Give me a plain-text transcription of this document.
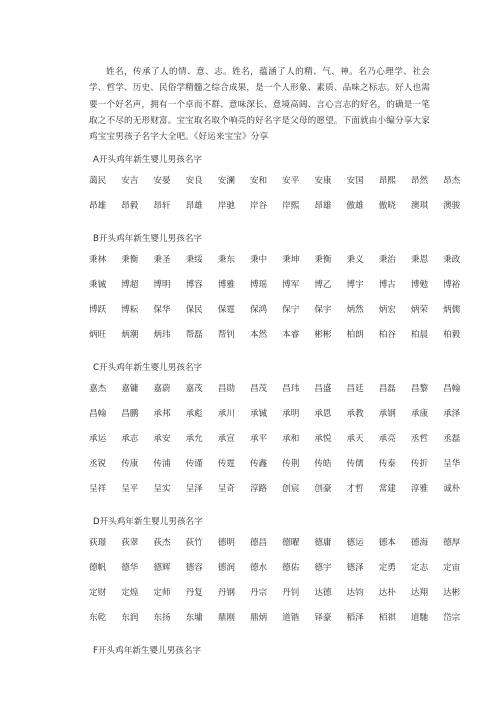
姓名，传承了人的情、意、志。姓名，蕴涵了人的精、气、神。名乃心理学、社会学、哲学、历史、民俗学精髓之综合成果，是一个人形象、素质、品味之标志。好人也需要一个好名声，拥有一个卓而不群、意味深长、意境高阔、言心言志的好名，的确是一笔取之不尽的无形财富。宝宝取名取个响亮的好名字是父母的愿望。下面就由小编分享大家鸡宝宝男孩子名字大全吧。《好运来宝宝》分享

A开头鸡年新生婴儿男孩名字
蔼民	安吉	安晏	安良	安澜	安和	安平	安康	安国	昂熙	昂然	昂杰
昂雄	昂毅	昂轩	昂雄	岸驰	岸谷	岸熙	昂雄	傲雄	傲晓	澳琪	澳骏
B开头鸡年新生婴儿男孩名字
秉林	秉衡	秉圣	秉绥	秉东	秉中	秉坤	秉衡	秉义	秉治	秉恩	秉政
秉铖	博超	博明	博容	博雅	博瑶	博军	博乙	博宇	博古	博勉	博裕
博跃	博耘	保华	保民	保霆	保鸿	保宁	保宇	炳然	炳宏	炳荣	炳儒
炳旺	炳潮	炳玮	帮磊	帮钊	本然	本睿	彬彬	柏朗	柏谷	柏晨	柏毅
C开头鸡年新生婴儿男孩名字
嘉杰	嘉镛	嘉蔚	嘉茂	昌勋	昌茂	昌玮	昌盛	昌廷	昌磊	昌黎	昌翰
昌翰	昌鹏	承邦	承彪	承川	承铖	承明	承恩	承教	承钢	承康	承泽
承运	承志	承安	承允	承宣	承平	承和	承悦	承天	承亮	丞哲	丞磊
丞锐	传康	传浦	传谨	传霆	传鑫	传荆	传皓	传儒	传泰	传折	呈华
呈祥	呈平	呈实	呈泽	呈奇	淳路	创宸	创豪	才哲	常建	淳雅	诚朴
D开头鸡年新生婴儿男孩名字
荻璟	荻翠	荻杰	荻竹	德明	德昌	德曜	德庸	德运	德本	德海	德厚
德帆	德华	德辉	德容	德润	德水	德佑	德宇	德泽	定勇	定志	定宙
定财	定煌	定师	丹复	丹钢	丹宗	丹钊	达德	达钧	达朴	达翔	达彬
东乾	东润	东扬	东墉	鼎刚	鼎炳	道锴	铎豪	稻泽	栢祺	道馳	岱宗
F开头鸡年新生婴儿男孩名字
